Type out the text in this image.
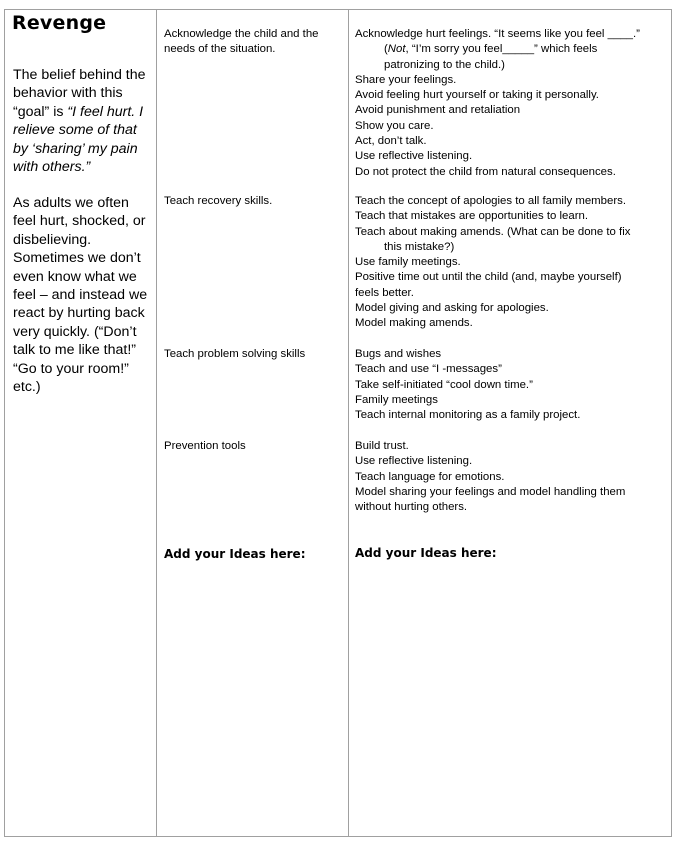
Revenge
The belief behind the behavior with this “goal” is “I feel hurt. I relieve some of that by ‘sharing’ my pain with others.”
As adults we often feel hurt, shocked, or disbelieving. Sometimes we don’t even know what we feel – and instead we react by hurting back very quickly. (“Don’t talk to me like that!” “Go to your room!” etc.)
Acknowledge the child and the needs of the situation.
Teach recovery skills.
Teach problem solving skills
Prevention tools
Add your Ideas here:
Acknowledge hurt feelings. “It seems like you feel ____.”
(Not, “I’m sorry you feel_____” which feels
patronizing to the child.)
Share your feelings.
Avoid feeling hurt yourself or taking it personally.
Avoid punishment and retaliation
Show you care.
Act, don’t talk.
Use reflective listening.
Do not protect the child from natural consequences.
Teach the concept of apologies to all family members.
Teach that mistakes are opportunities to learn.
Teach about making amends. (What can be done to fix
this mistake?)
Use family meetings.
Positive time out until the child (and, maybe yourself)
feels better.
Model giving and asking for apologies.
Model making amends.
Bugs and wishes
Teach and use “I -messages”
Take self-initiated “cool down time.”
Family meetings
Teach internal monitoring as a family project.
Build trust.
Use reflective listening.
Teach language for emotions.
Model sharing your feelings and model handling them
without hurting others.
Add your Ideas here:
